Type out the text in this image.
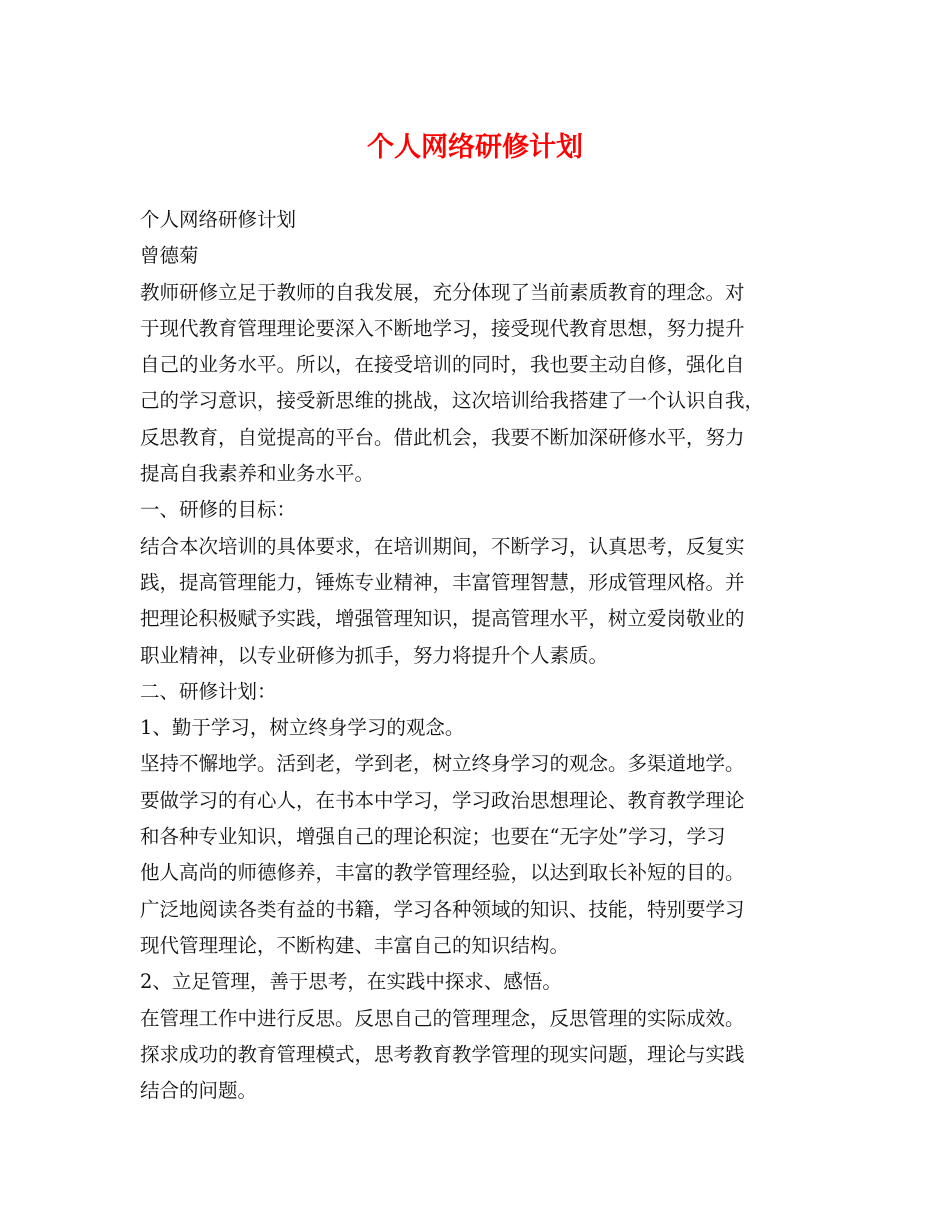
个人网络研修计划
个人网络研修计划
曾德菊
教师研修立足于教师的自我发展，充分体现了当前素质教育的理念。对
于现代教育管理理论要深入不断地学习，接受现代教育思想，努力提升
自己的业务水平。所以，在接受培训的同时，我也要主动自修，强化自
己的学习意识，接受新思维的挑战，这次培训给我搭建了一个认识自我，
反思教育，自觉提高的平台。借此机会，我要不断加深研修水平，努力
提高自我素养和业务水平。
一、研修的目标：
结合本次培训的具体要求，在培训期间，不断学习，认真思考，反复实
践，提高管理能力，锤炼专业精神，丰富管理智慧，形成管理风格。并
把理论积极赋予实践，增强管理知识，提高管理水平，树立爱岗敬业的
职业精神，以专业研修为抓手，努力将提升个人素质。
二、研修计划：
1、勤于学习，树立终身学习的观念。
坚持不懈地学。活到老，学到老，树立终身学习的观念。多渠道地学。
要做学习的有心人，在书本中学习，学习政治思想理论、教育教学理论
和各种专业知识，增强自己的理论积淀；也要在“无字处”学习，学习
他人高尚的师德修养，丰富的教学管理经验，以达到取长补短的目的。
广泛地阅读各类有益的书籍，学习各种领域的知识、技能，特别要学习
现代管理理论，不断构建、丰富自己的知识结构。
2、立足管理，善于思考，在实践中探求、感悟。
在管理工作中进行反思。反思自己的管理理念，反思管理的实际成效。
探求成功的教育管理模式，思考教育教学管理的现实问题，理论与实践
结合的问题。
